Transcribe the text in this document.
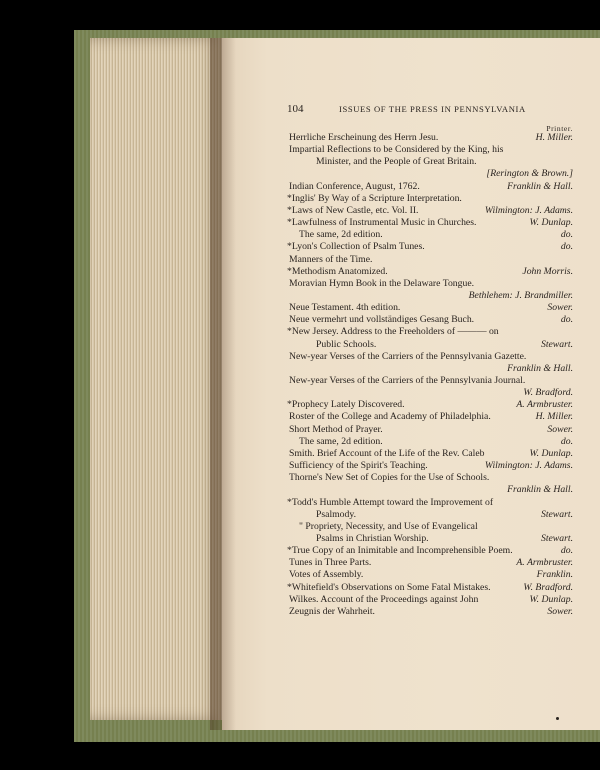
104	ISSUES OF THE PRESS IN PENNSYLVANIA
Printer.
Herrliche Erscheinung des Herrn Jesu.	H. Miller.
Impartial Reflections to be Considered by the King, his
Minister, and the People of Great Britain.
[Rerington & Brown.]
Indian Conference, August, 1762.	Franklin & Hall.
*Inglis' By Way of a Scripture Interpretation.
*Laws of New Castle, etc. Vol. II.	Wilmington: J. Adams.
*Lawfulness of Instrumental Music in Churches.	W. Dunlap.
The same, 2d edition.	do.
*Lyon's Collection of Psalm Tunes.	do.
Manners of the Time.
*Methodism Anatomized.	John Morris.
Moravian Hymn Book in the Delaware Tongue.
Bethlehem: J. Brandmiller.
Neue Testament. 4th edition.	Sower.
Neue vermehrt und vollständiges Gesang Buch.	do.
*New Jersey. Address to the Freeholders of ——— on
Public Schools.	Stewart.
New-year Verses of the Carriers of the Pennsylvania Gazette.
Franklin & Hall.
New-year Verses of the Carriers of the Pennsylvania Journal.
W. Bradford.
*Prophecy Lately Discovered.	A. Armbruster.
Roster of the College and Academy of Philadelphia.	H. Miller.
Short Method of Prayer.	Sower.
The same, 2d edition.	do.
Smith. Brief Account of the Life of the Rev. Caleb	W. Dunlap.
Sufficiency of the Spirit's Teaching.	Wilmington: J. Adams.
Thorne's New Set of Copies for the Use of Schools.
Franklin & Hall.
*Todd's Humble Attempt toward the Improvement of
Psalmody.	Stewart.
" Propriety, Necessity, and Use of Evangelical
Psalms in Christian Worship.	Stewart.
*True Copy of an Inimitable and Incomprehensible Poem.	do.
Tunes in Three Parts.	A. Armbruster.
Votes of Assembly.	Franklin.
*Whitefield's Observations on Some Fatal Mistakes.	W. Bradford.
Wilkes. Account of the Proceedings against John	W. Dunlap.
Zeugnis der Wahrheit.	Sower.
